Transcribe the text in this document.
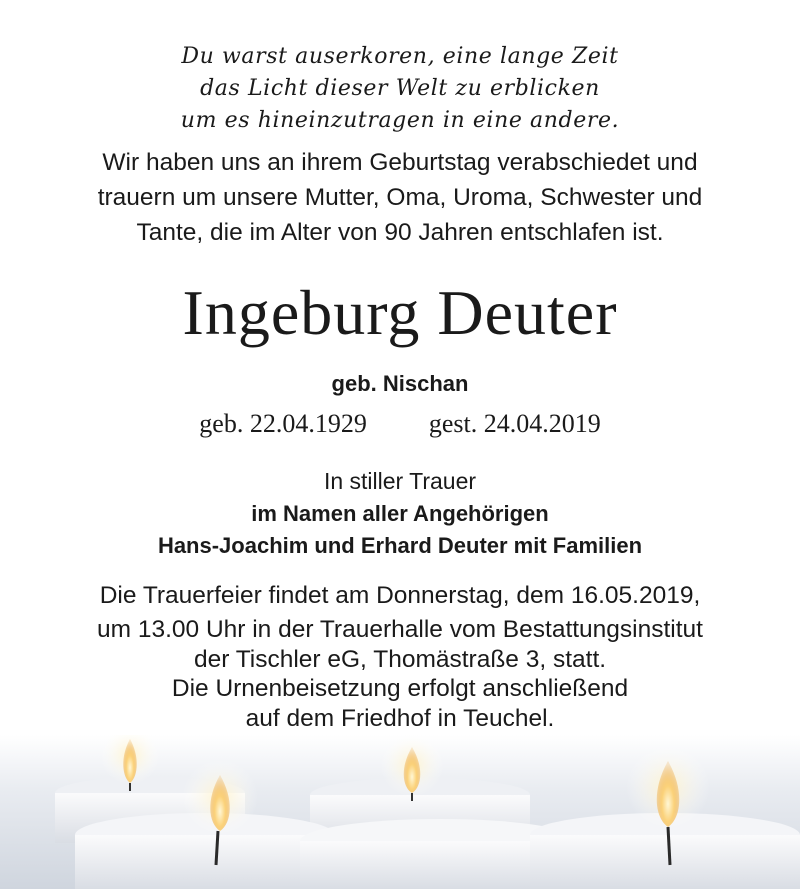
Du warst auserkoren, eine lange Zeit
das Licht dieser Welt zu erblicken
um es hineinzutragen in eine andere.
Wir haben uns an ihrem Geburtstag verabschiedet und
trauern um unsere Mutter, Oma, Uroma, Schwester und
Tante, die im Alter von 90 Jahren entschlafen ist.
Ingeburg Deuter
geb. Nischan
geb. 22.04.1929 gest. 24.04.2019
In stiller Trauer
im Namen aller Angehörigen
Hans-Joachim und Erhard Deuter mit Familien
Die Trauerfeier findet am Donnerstag, dem 16.05.2019,
um 13.00 Uhr in der Trauerhalle vom Bestattungsinstitut
der Tischler eG, Thomästraße 3, statt.
Die Urnenbeisetzung erfolgt anschließend
auf dem Friedhof in Teuchel.
